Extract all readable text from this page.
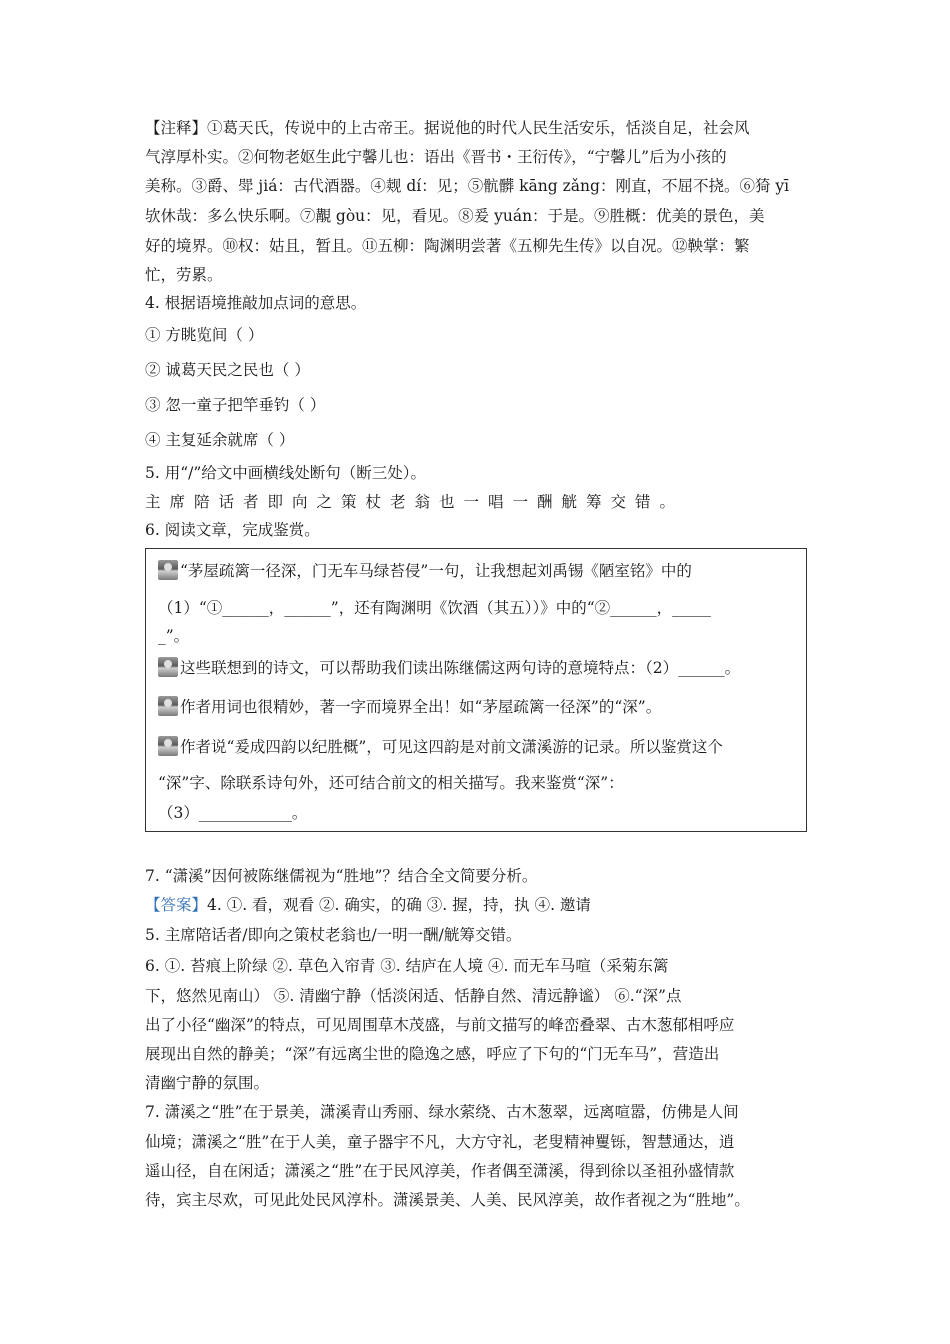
【注释】①葛天氏，传说中的上古帝王。据说他的时代人民生活安乐，恬淡自足，社会风
气淳厚朴实。②何物老妪生此宁馨儿也：语出《晋书・王衍传》，“宁馨儿”后为小孩的
美称。③爵、斝 jiá：古代酒器。④觌 dí：见；⑤骯髒 kāng zǎng：刚直，不屈不挠。⑥猗 yī
欤休哉：多么快乐啊。⑦覯 gòu：见，看见。⑧爰 yuán：于是。⑨胜概：优美的景色，美
好的境界。⑩权：姑且，暂且。⑪五柳：陶渊明尝著《五柳先生传》以自况。⑫鞅掌：繁
忙，劳累。
4. 根据语境推敲加点词的意思。
① 方眺览间（ ）
② 诚葛天民之民也（ ）
③ 忽一童子把竿垂钓（ ）
④ 主复延余就席（ ）
5. 用“/”给文中画横线处断句（断三处）。
主席陪话者即向之策杖老翁也一唱一酬觥筹交错。
6. 阅读文章，完成鉴赏。
“茅屋疏篱一径深，门无车马绿苔侵”一句，让我想起刘禹锡《陋室铭》中的
（1）“①______，______”，还有陶渊明《饮酒（其五））》中的“②______，_____
_”。
这些联想到的诗文，可以帮助我们读出陈继儒这两句诗的意境特点：（2）______。
作者用词也很精妙，著一字而境界全出！如“茅屋疏篱一径深”的“深”。
作者说“爰成四韵以纪胜概”，可见这四韵是对前文潇溪游的记录。所以鉴赏这个
“深”字、除联系诗句外，还可结合前文的相关描写。我来鉴赏“深”：
（3）____________。
7. “潇溪”因何被陈继儒视为“胜地”？结合全文简要分析。
【答案】4. ①. 看，观看 ②. 确实，的确 ③. 握，持，执 ④. 邀请
5. 主席陪话者/即向之策杖老翁也/一明一酬/觥筹交错。
6. ①. 苔痕上阶绿 ②. 草色入帘青 ③. 结庐在人境 ④. 而无车马喧（采菊东篱
下，悠然见南山） ⑤. 清幽宁静（恬淡闲适、恬静自然、清远静谧） ⑥.“深”点
出了小径“幽深”的特点，可见周围草木茂盛，与前文描写的峰峦叠翠、古木葱郁相呼应
展现出自然的静美；“深”有远离尘世的隐逸之感，呼应了下句的“门无车马”，营造出
清幽宁静的氛围。
7. 潇溪之“胜”在于景美，潇溪青山秀丽、绿水萦绕、古木葱翠，远离喧嚣，仿佛是人间
仙境；潇溪之“胜”在于人美，童子器宇不凡，大方守礼，老叟精神矍铄，智慧通达，逍
遥山径，自在闲适；潇溪之“胜”在于民风淳美，作者偶至潇溪，得到徐以圣祖孙盛情款
待，宾主尽欢，可见此处民风淳朴。潇溪景美、人美、民风淳美，故作者视之为“胜地”。
